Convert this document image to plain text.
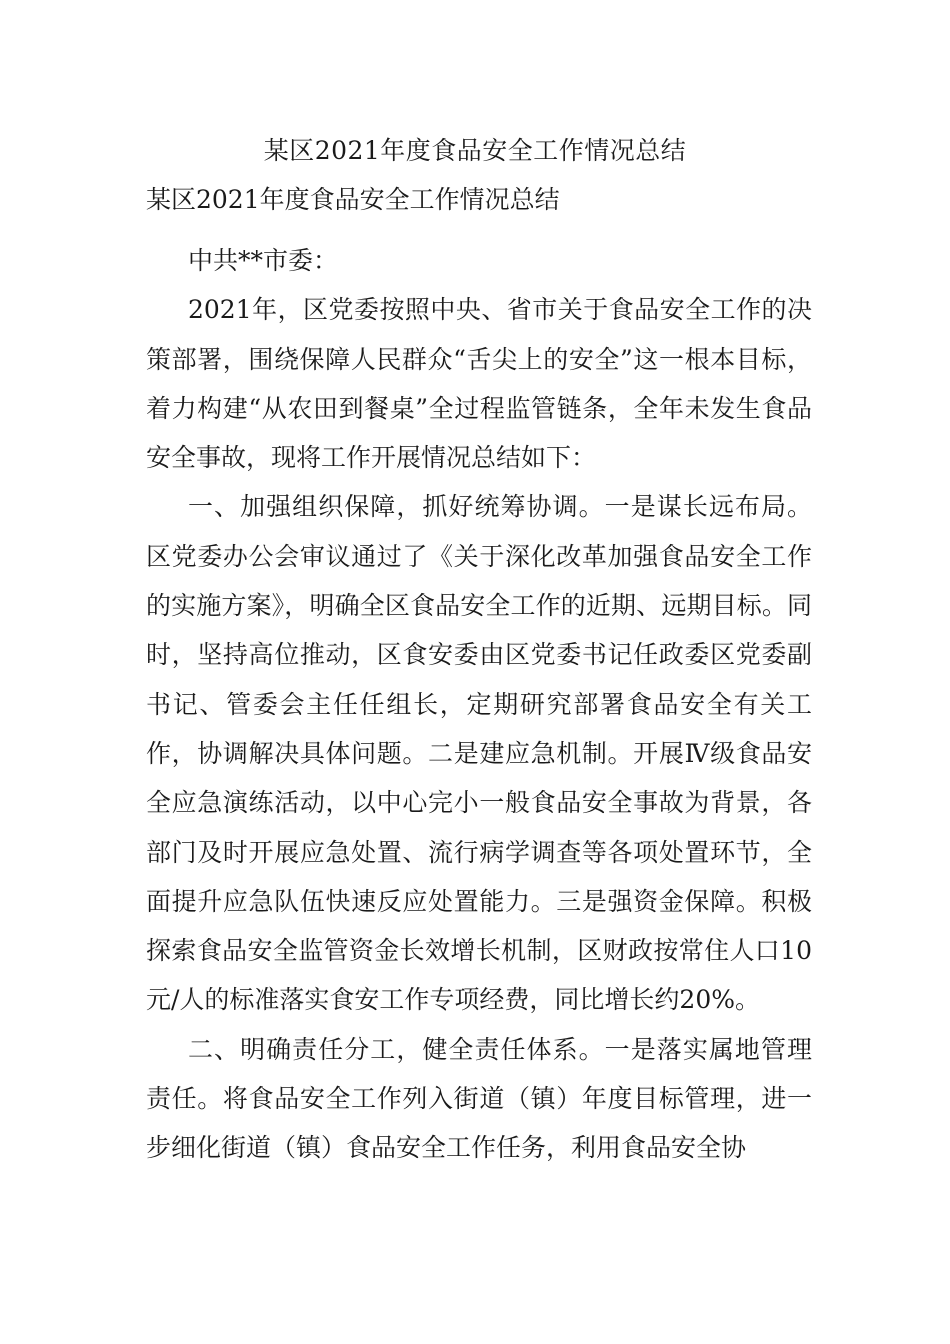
某区2021年度食品安全工作情况总结
某区2021年度食品安全工作情况总结

中共**市委：

2021年，区党委按照中央、省市关于食品安全工作的决策部署，围绕保障人民群众“舌尖上的安全”这一根本目标，着力构建“从农田到餐桌”全过程监管链条，全年未发生食品安全事故，现将工作开展情况总结如下：

一、加强组织保障，抓好统筹协调。一是谋长远布局。区党委办公会审议通过了《关于深化改革加强食品安全工作的实施方案》，明确全区食品安全工作的近期、远期目标。同时，坚持高位推动，区食安委由区党委书记任政委区党委副书记、管委会主任任组长，定期研究部署食品安全有关工作，协调解决具体问题。二是建应急机制。开展Ⅳ级食品安全应急演练活动，以中心完小一般食品安全事故为背景，各部门及时开展应急处置、流行病学调查等各项处置环节，全面提升应急队伍快速反应处置能力。三是强资金保障。积极探索食品安全监管资金长效增长机制，区财政按常住人口10元/人的标准落实食安工作专项经费，同比增长约20%。

二、明确责任分工，健全责任体系。一是落实属地管理责任。将食品安全工作列入街道（镇）年度目标管理，进一步细化街道（镇）食品安全工作任务，利用食品安全协
